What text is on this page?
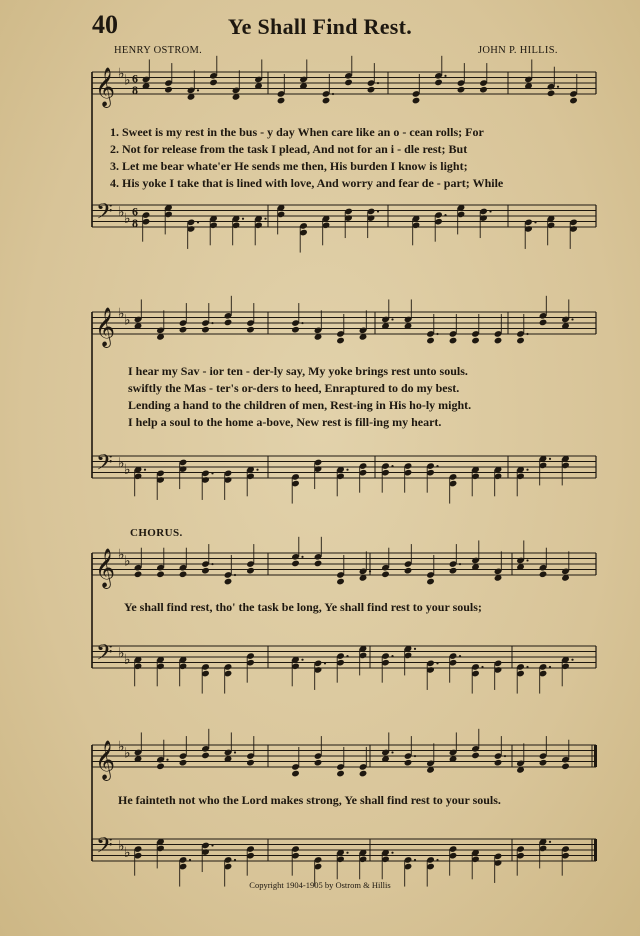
40	Ye Shall Find Rest.
HENRY OSTROM.	JOHN P. HILLIS.
𝄞 ♭ ♭ 6
8
𝄢 ♭ ♭ 6
8
𝄞 ♭ ♭
𝄢 ♭ ♭
𝄞 ♭ ♭
𝄢 ♭ ♭
𝄞 ♭ ♭
𝄢 ♭ ♭
1. Sweet is my rest in the bus - y day When care like an o - cean rolls; For
2. Not for release from the task I plead, And not for an i - dle rest; But
3. Let me bear whate'er He sends me then, His burden I know is light;
4. His yoke I take that is lined with love, And worry and fear de - part; While
I hear my Sav - ior ten - der-ly say, My yoke brings rest unto souls.
swiftly the Mas - ter's or-ders to heed, Enraptured to do my best.
Lending a hand to the children of men, Rest-ing in His ho-ly might.
I help a soul to the home a-bove, New rest is fill-ing my heart.
CHORUS.
Ye shall find rest, tho' the task be long, Ye shall find rest to your souls;
He fainteth not who the Lord makes strong, Ye shall find rest to your souls.
Copyright 1904-1905 by Ostrom & Hillis
